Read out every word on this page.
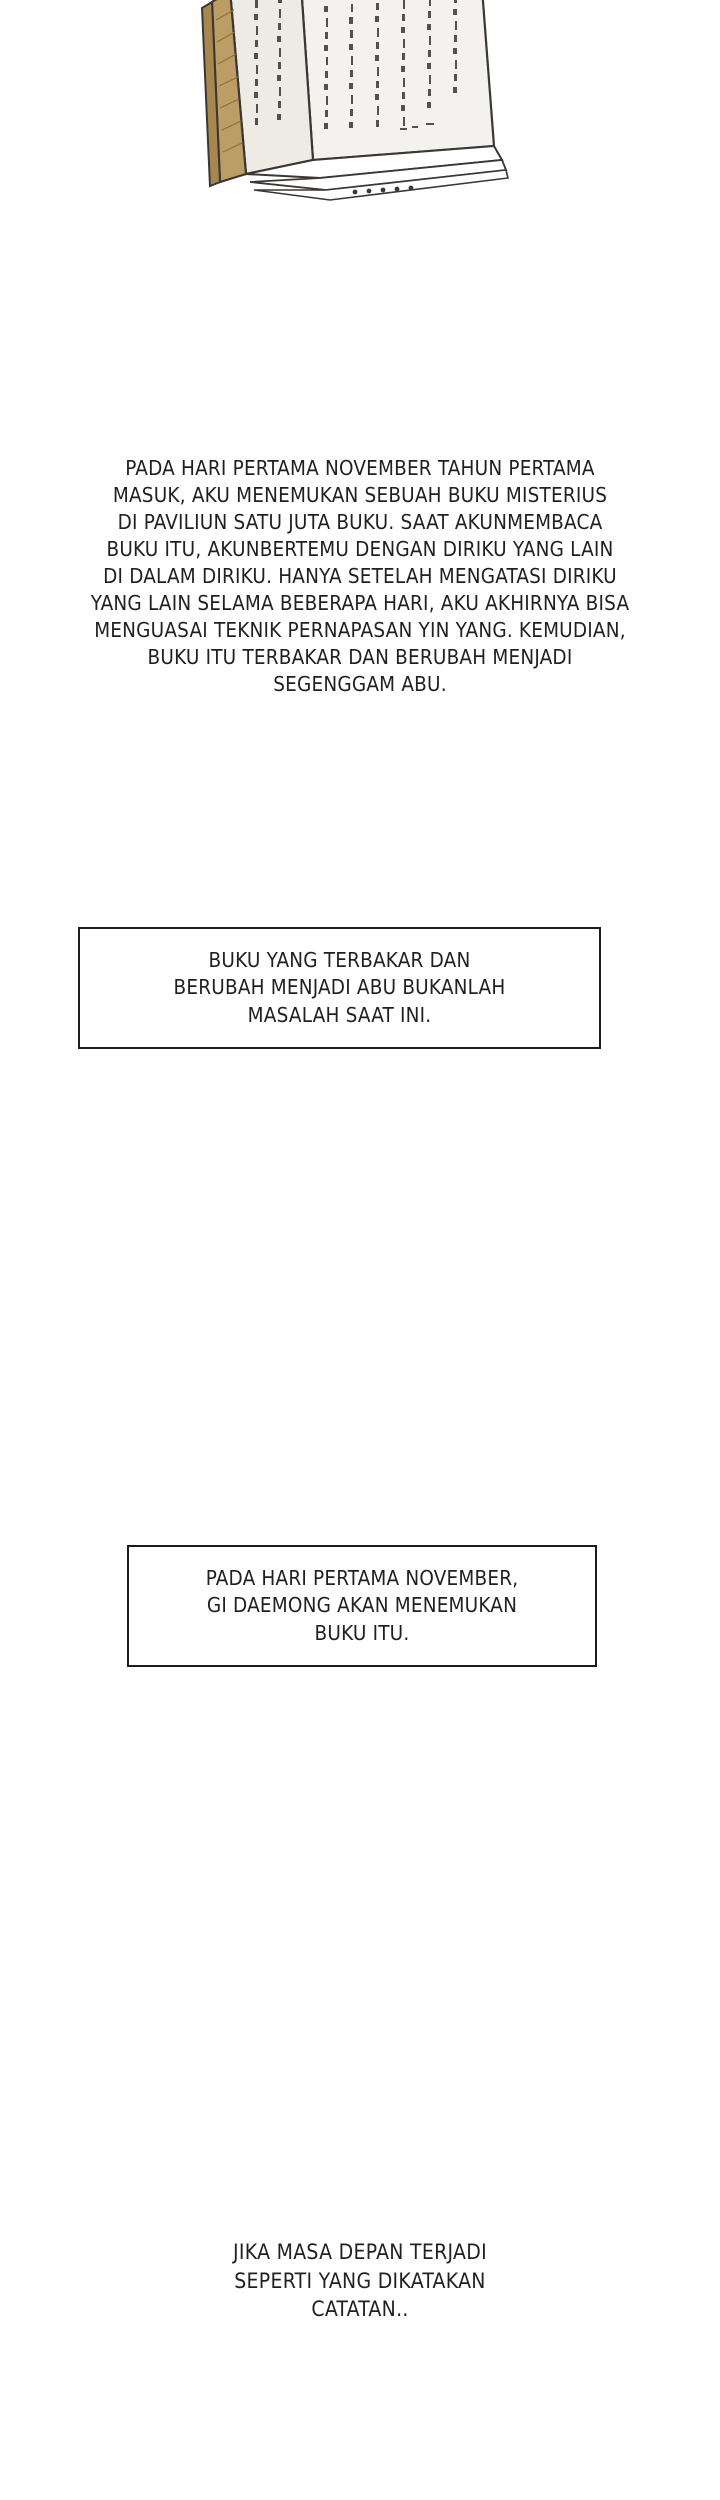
PADA HARI PERTAMA NOVEMBER TAHUN PERTAMA
MASUK, AKU MENEMUKAN SEBUAH BUKU MISTERIUS
DI PAVILIUN SATU JUTA BUKU. SAAT AKUNMEMBACA
BUKU ITU, AKUNBERTEMU DENGAN DIRIKU YANG LAIN
DI DALAM DIRIKU. HANYA SETELAH MENGATASI DIRIKU
YANG LAIN SELAMA BEBERAPA HARI, AKU AKHIRNYA BISA
MENGUASAI TEKNIK PERNAPASAN YIN YANG. KEMUDIAN,
BUKU ITU TERBAKAR DAN BERUBAH MENJADI
SEGENGGAM ABU.
BUKU YANG TERBAKAR DAN
BERUBAH MENJADI ABU BUKANLAH
MASALAH SAAT INI.
PADA HARI PERTAMA NOVEMBER,
GI DAEMONG AKAN MENEMUKAN
BUKU ITU.
JIKA MASA DEPAN TERJADI
SEPERTI YANG DIKATAKAN
CATATAN..
